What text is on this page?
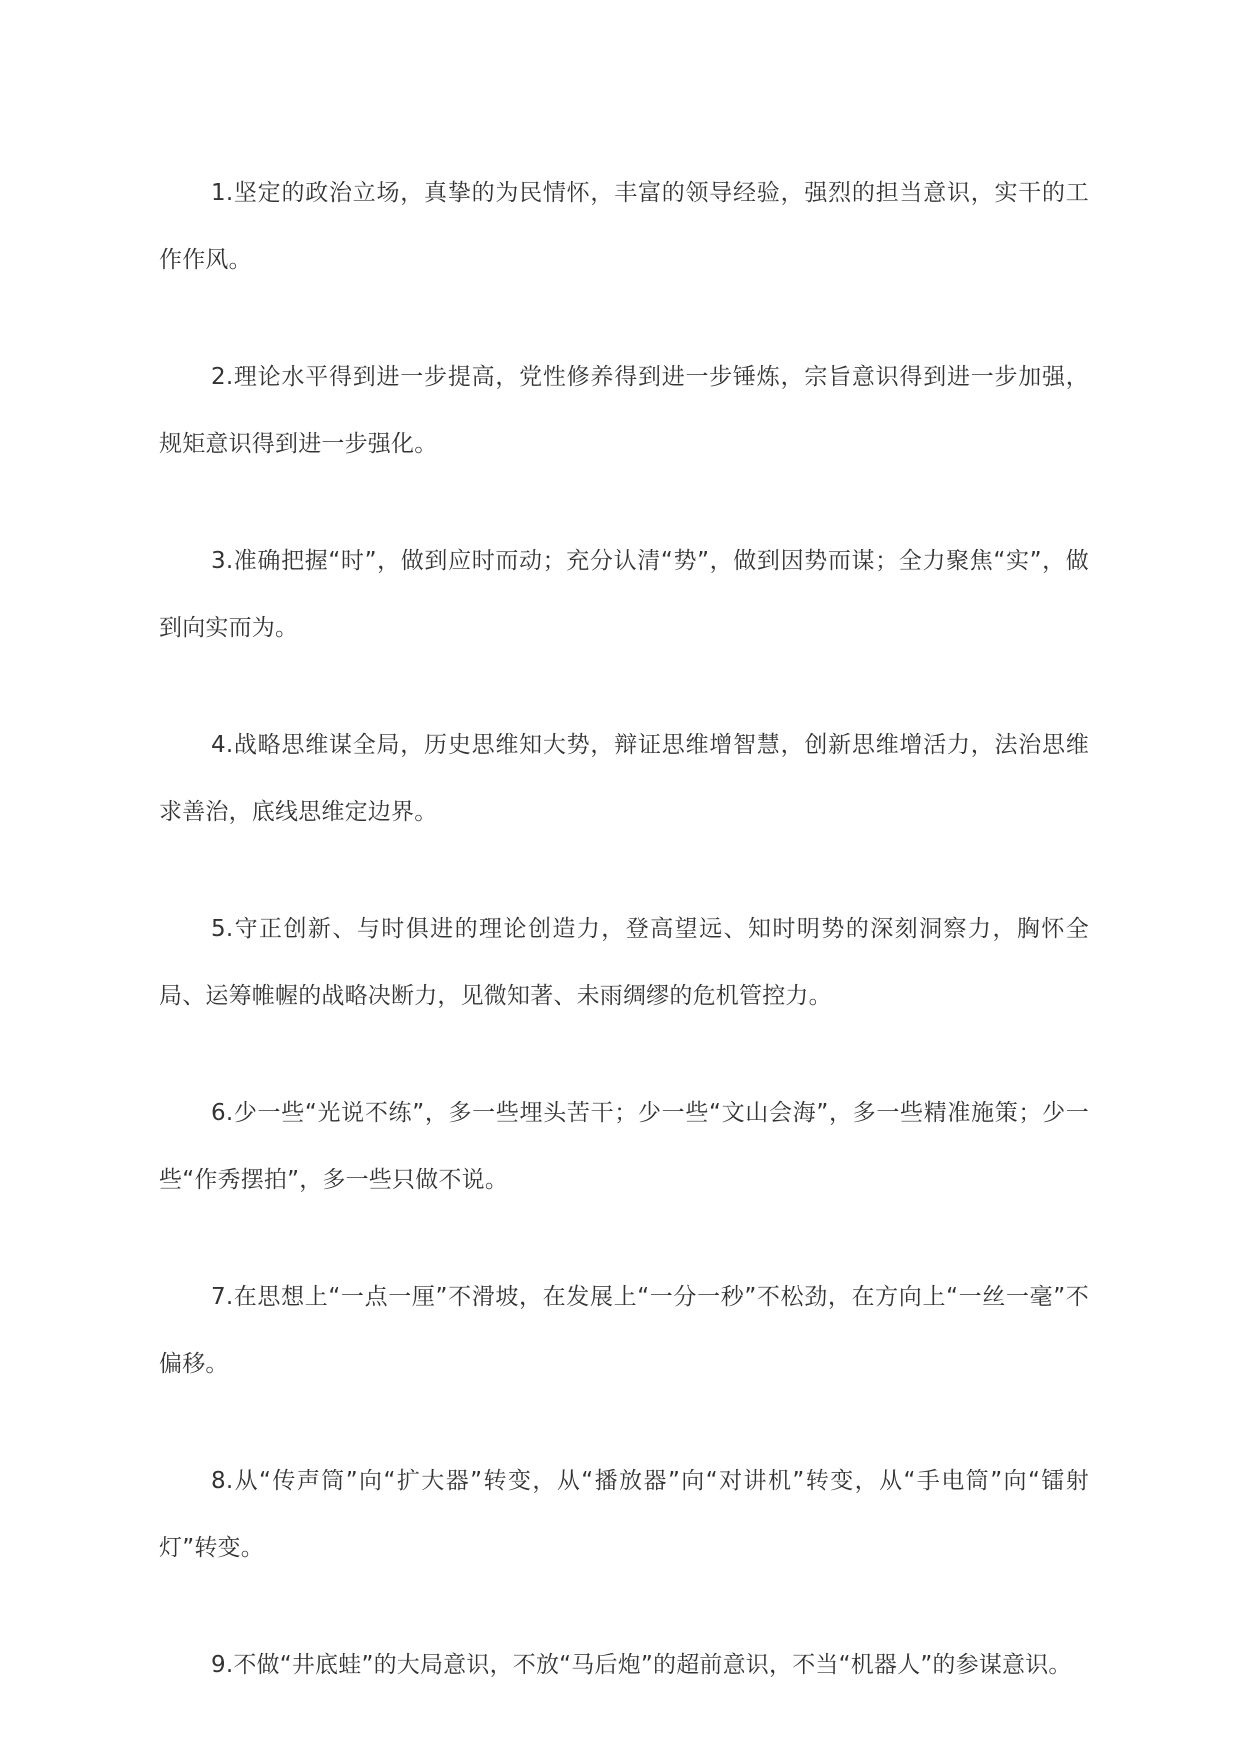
1.坚定的政治立场，真挚的为民情怀，丰富的领导经验，强烈的担当意识，实干的工作作风。

2.理论水平得到进一步提高，党性修养得到进一步锤炼，宗旨意识得到进一步加强，规矩意识得到进一步强化。

3.准确把握“时”，做到应时而动；充分认清“势”，做到因势而谋；全力聚焦“实”，做到向实而为。

4.战略思维谋全局，历史思维知大势，辩证思维增智慧，创新思维增活力，法治思维求善治，底线思维定边界。

5.守正创新、与时俱进的理论创造力，登高望远、知时明势的深刻洞察力，胸怀全局、运筹帷幄的战略决断力，见微知著、未雨绸缪的危机管控力。

6.少一些“光说不练”，多一些埋头苦干；少一些“文山会海”，多一些精准施策；少一些“作秀摆拍”，多一些只做不说。

7.在思想上“一点一厘”不滑坡，在发展上“一分一秒”不松劲，在方向上“一丝一毫”不偏移。

8.从“传声筒”向“扩大器”转变，从“播放器”向“对讲机”转变，从“手电筒”向“镭射灯”转变。

9.不做“井底蛙”的大局意识，不放“马后炮”的超前意识，不当“机器人”的参谋意识。
